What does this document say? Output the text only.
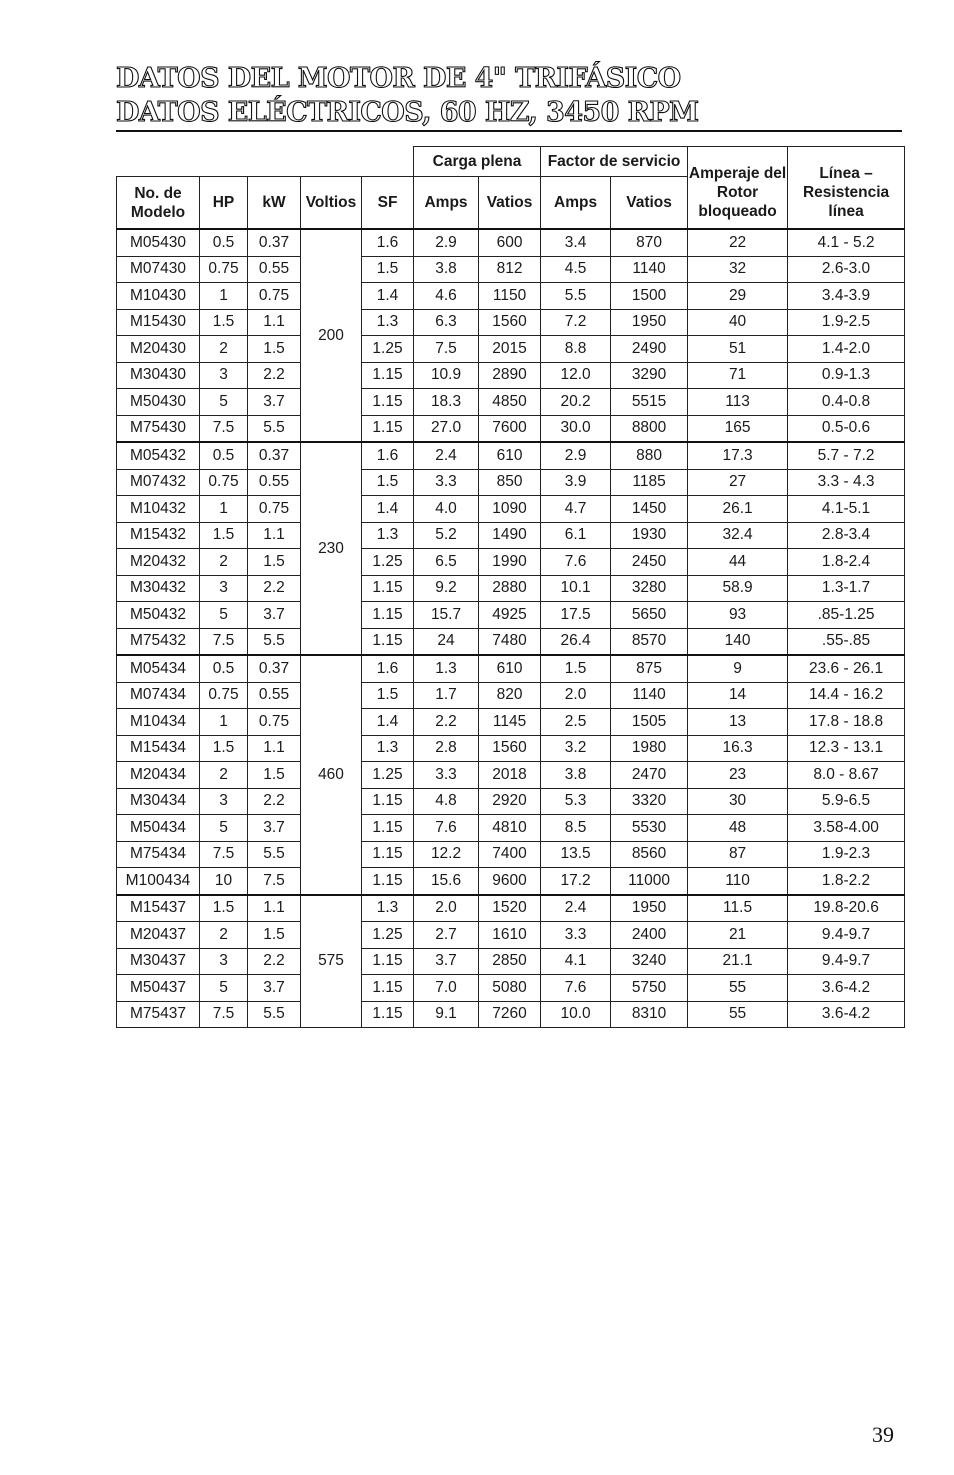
DATOS DEL MOTOR DE 4" TRIFÁSICO
DATOS ELÉCTRICOS, 60 HZ, 3450 RPM
					Carga plena		Factor de servicio		Amperaje del Rotor bloqueado	Línea – Resistencia línea
No. de Modelo	HP	kW	Voltios	SF	Amps	Vatios	Amps	Vatios		
M05430	0.5	0.37	200	1.6	2.9	600	3.4	870	22	4.1 - 5.2
M07430	0.75	0.55		1.5	3.8	812	4.5	1140	32	2.6-3.0
M10430	1	0.75		1.4	4.6	1150	5.5	1500	29	3.4-3.9
M15430	1.5	1.1		1.3	6.3	1560	7.2	1950	40	1.9-2.5
M20430	2	1.5		1.25	7.5	2015	8.8	2490	51	1.4-2.0
M30430	3	2.2		1.15	10.9	2890	12.0	3290	71	0.9-1.3
M50430	5	3.7		1.15	18.3	4850	20.2	5515	113	0.4-0.8
M75430	7.5	5.5		1.15	27.0	7600	30.0	8800	165	0.5-0.6
M05432	0.5	0.37	230	1.6	2.4	610	2.9	880	17.3	5.7 - 7.2
M07432	0.75	0.55		1.5	3.3	850	3.9	1185	27	3.3 - 4.3
M10432	1	0.75		1.4	4.0	1090	4.7	1450	26.1	4.1-5.1
M15432	1.5	1.1		1.3	5.2	1490	6.1	1930	32.4	2.8-3.4
M20432	2	1.5		1.25	6.5	1990	7.6	2450	44	1.8-2.4
M30432	3	2.2		1.15	9.2	2880	10.1	3280	58.9	1.3-1.7
M50432	5	3.7		1.15	15.7	4925	17.5	5650	93	.85-1.25
M75432	7.5	5.5		1.15	24	7480	26.4	8570	140	.55-.85
M05434	0.5	0.37	460	1.6	1.3	610	1.5	875	9	23.6 - 26.1
M07434	0.75	0.55		1.5	1.7	820	2.0	1140	14	14.4 - 16.2
M10434	1	0.75		1.4	2.2	1145	2.5	1505	13	17.8 - 18.8
M15434	1.5	1.1		1.3	2.8	1560	3.2	1980	16.3	12.3 - 13.1
M20434	2	1.5		1.25	3.3	2018	3.8	2470	23	8.0 - 8.67
M30434	3	2.2		1.15	4.8	2920	5.3	3320	30	5.9-6.5
M50434	5	3.7		1.15	7.6	4810	8.5	5530	48	3.58-4.00
M75434	7.5	5.5		1.15	12.2	7400	13.5	8560	87	1.9-2.3
M100434	10	7.5		1.15	15.6	9600	17.2	11000	110	1.8-2.2
M15437	1.5	1.1	575	1.3	2.0	1520	2.4	1950	11.5	19.8-20.6
M20437	2	1.5		1.25	2.7	1610	3.3	2400	21	9.4-9.7
M30437	3	2.2		1.15	3.7	2850	4.1	3240	21.1	9.4-9.7
M50437	5	3.7		1.15	7.0	5080	7.6	5750	55	3.6-4.2
M75437	7.5	5.5		1.15	9.1	7260	10.0	8310	55	3.6-4.2
39
